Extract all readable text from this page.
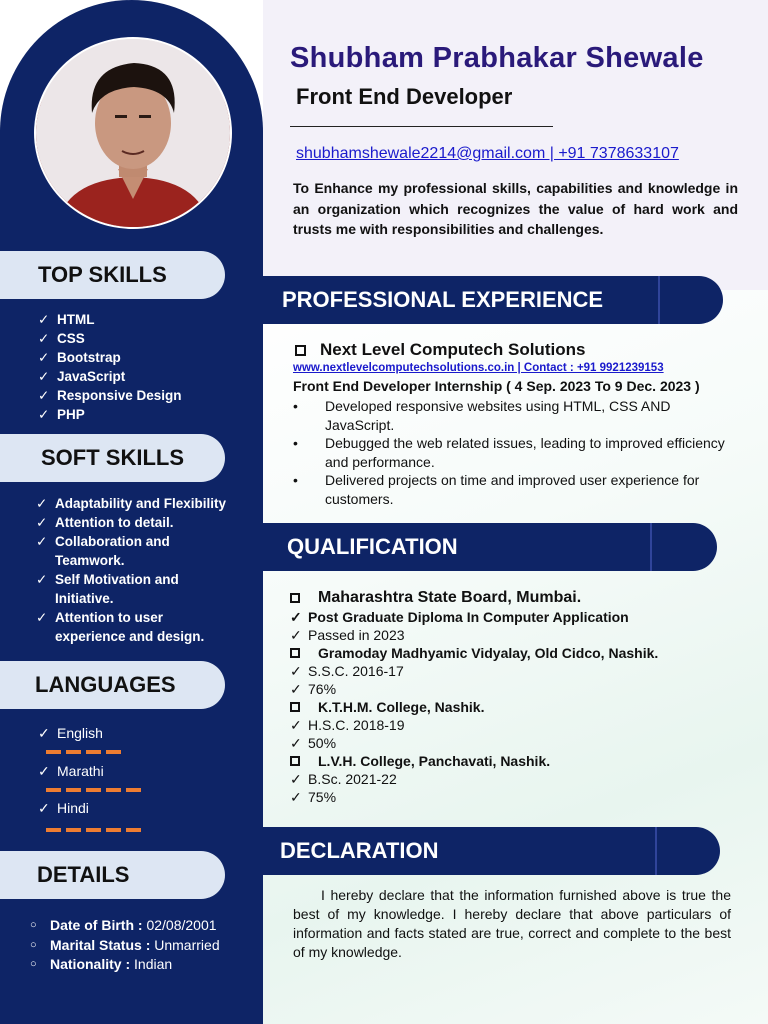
TOP SKILLS
✓ HTML
✓ CSS
✓ Bootstrap
✓ JavaScript
✓ Responsive Design
✓ PHP
SOFT SKILLS
✓ Adaptability and Flexibility
✓ Attention to detail.
✓ Collaboration and Teamwork.
✓ Self Motivation and Initiative.
✓ Attention to user experience and design.
LANGUAGES
✓ English
✓ Marathi
✓ Hindi
DETAILS
○ Date of Birth : 02/08/2001
○ Marital Status : Unmarried
○ Nationality : Indian
Shubham Prabhakar Shewale
Front End Developer
shubhamshewale2214@gmail.com | +91 7378633107
To Enhance my professional skills, capabilities and knowledge in an organization which recognizes the value of hard work and trusts me with responsibilities and challenges.
PROFESSIONAL EXPERIENCE
Next Level Computech Solutions
www.nextlevelcomputechsolutions.co.in | Contact : +91 9921239153
Front End Developer Internship ( 4 Sep. 2023 To 9 Dec. 2023 )
•	Developed responsive websites using HTML, CSS AND JavaScript.
•	Debugged the web related issues, leading to improved efficiency and performance.
•	Delivered projects on time and improved user experience for customers.
QUALIFICATION
Maharashtra State Board, Mumbai.
✓ Post Graduate Diploma In Computer Application
✓ Passed in 2023
Gramoday Madhyamic Vidyalay, Old Cidco, Nashik.
✓ S.S.C. 2016-17
✓ 76%
K.T.H.M. College, Nashik.
✓ H.S.C. 2018-19
✓ 50%
L.V.H. College, Panchavati, Nashik.
✓ B.Sc. 2021-22
✓ 75%
DECLARATION
I hereby declare that the information furnished above is true the best of my knowledge. I hereby declare that above particulars of information and facts stated are true, correct and complete to the best of my knowledge.
